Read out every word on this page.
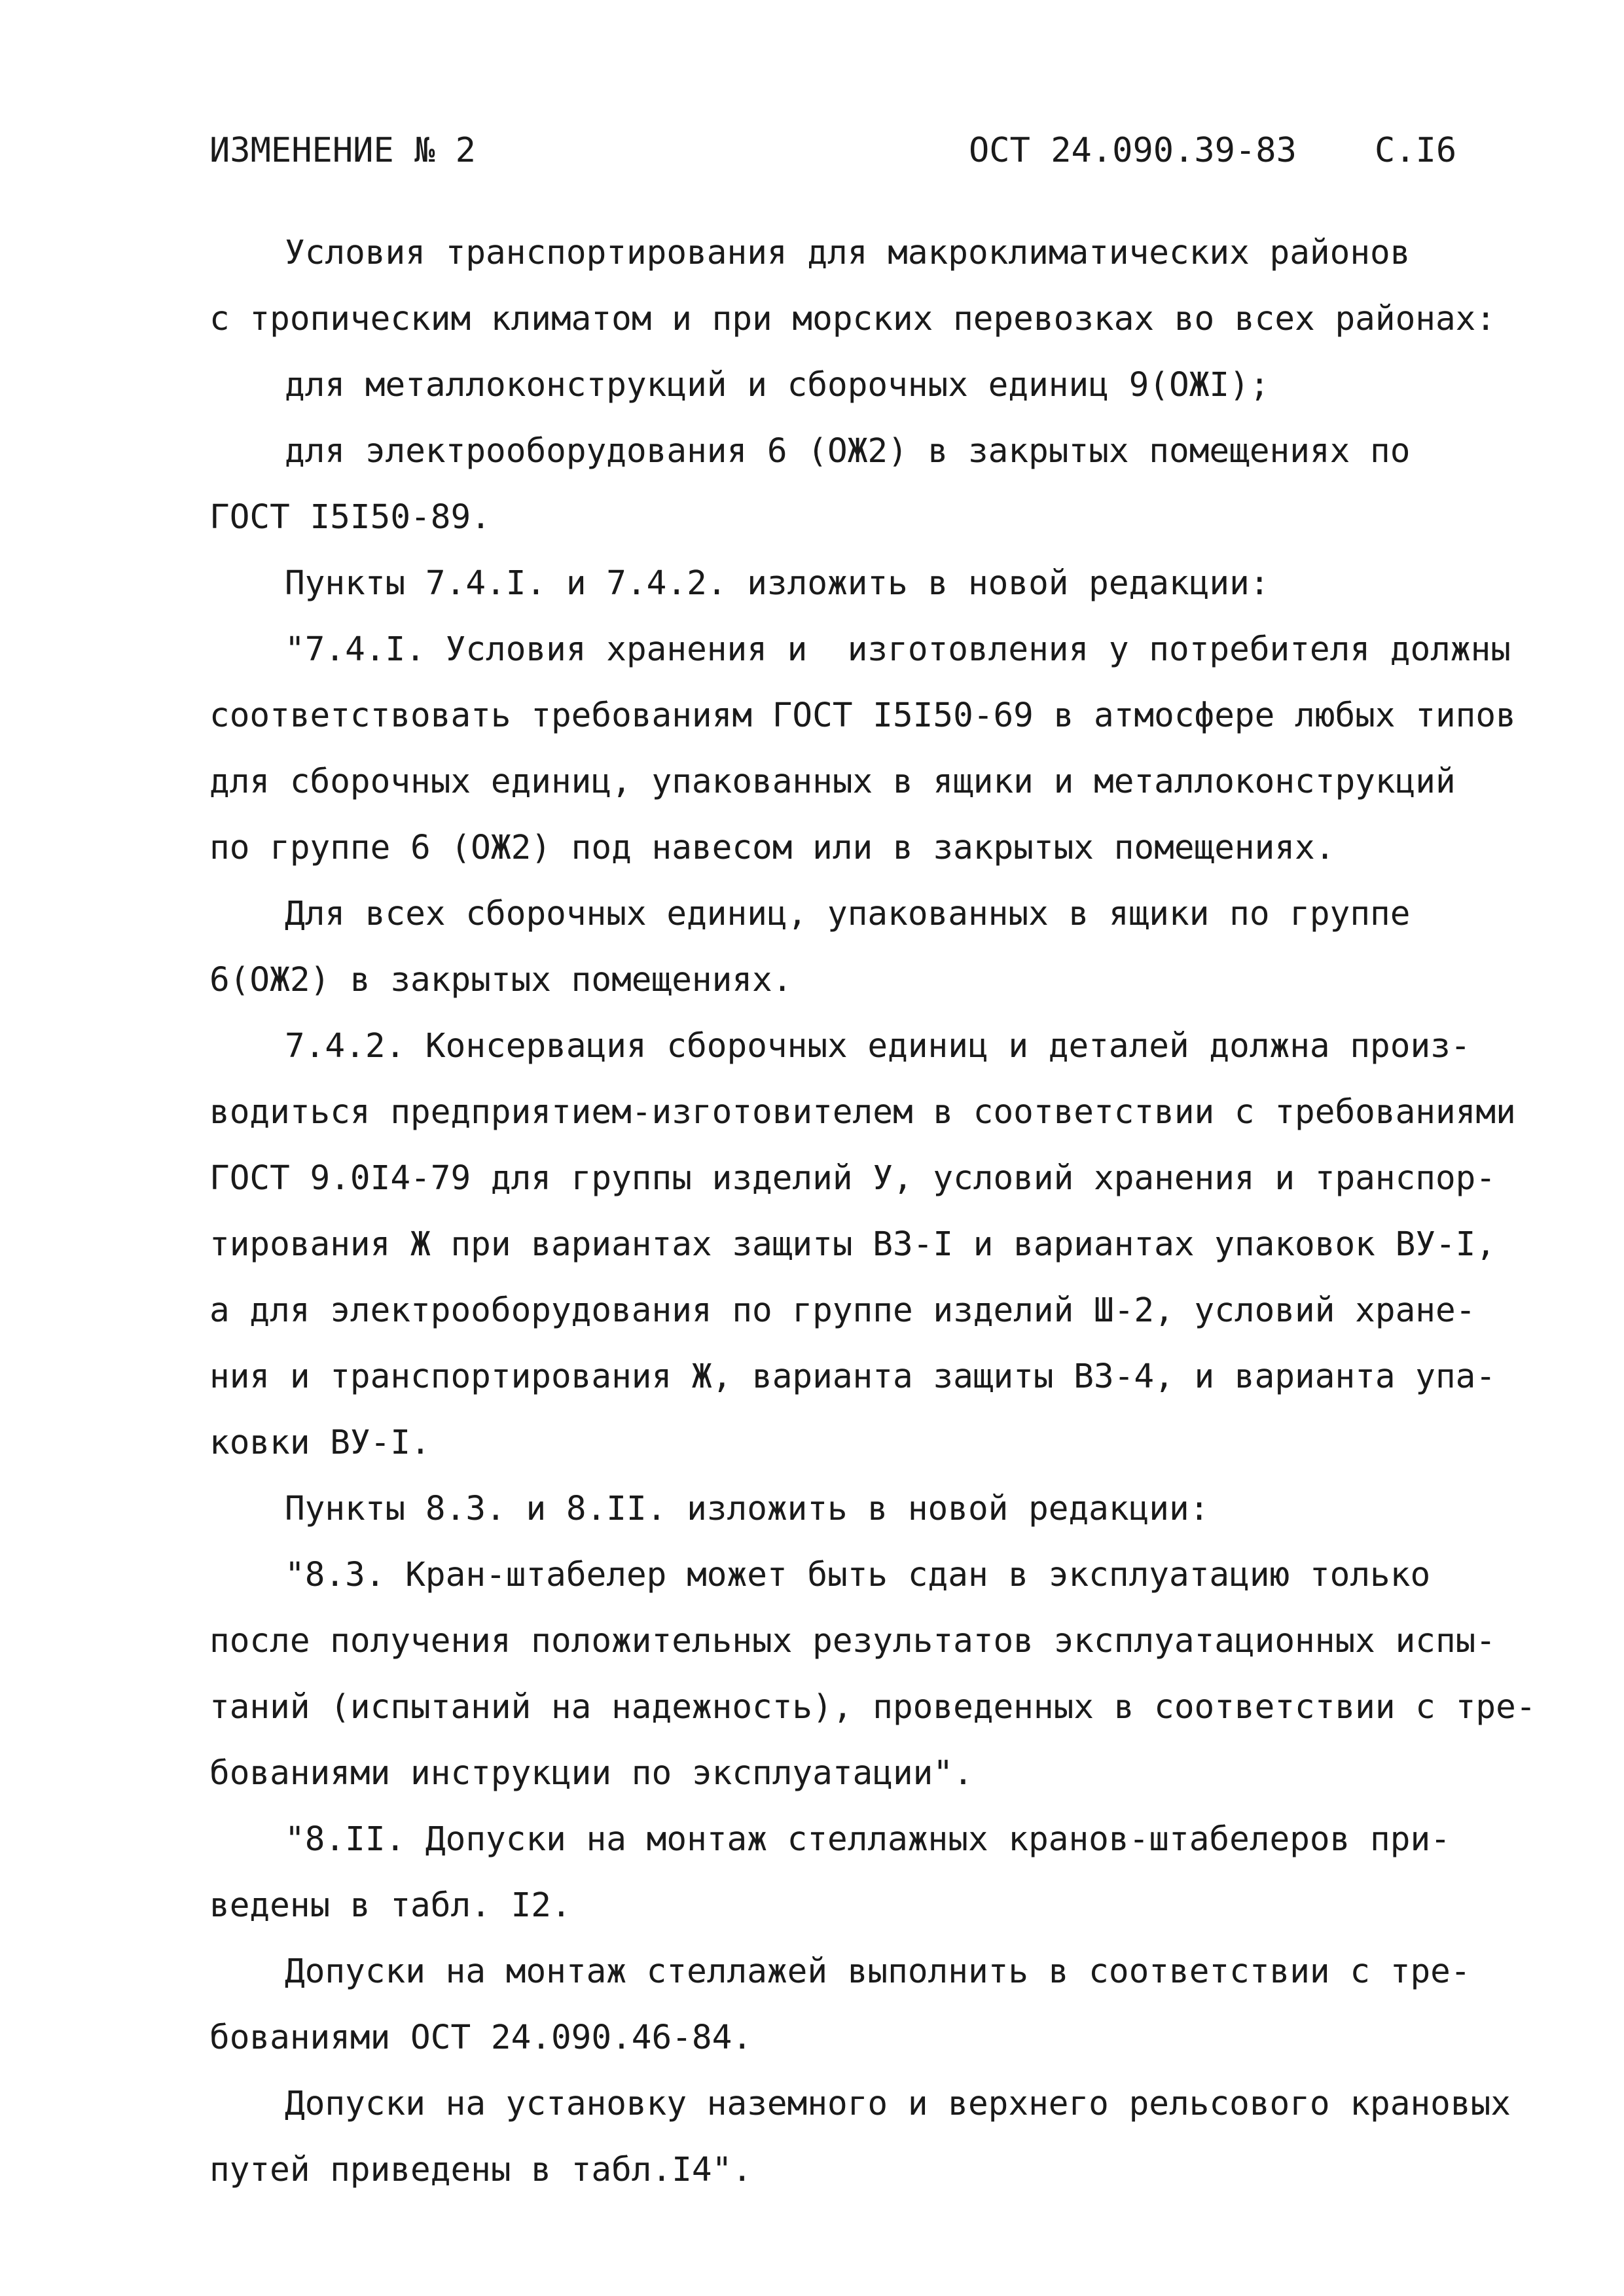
ИЗМЕНЕНИЕ № 2	ОСТ 24.090.39-83 С.I6
Условия транспортирования для макроклиматических районов
с тропическим климатом и при морских перевозках во всех районах:
для металлоконструкций и сборочных единиц 9(ОЖI);
для электрооборудования 6 (ОЖ2) в закрытых помещениях по
ГОСТ I5I50-89.
Пункты 7.4.I. и 7.4.2. изложить в новой редакции:
"7.4.I. Условия хранения и  изготовления у потребителя должны
соответствовать требованиям ГОСТ I5I50-69 в атмосфере любых типов
для сборочных единиц, упакованных в ящики и металлоконструкций
по группе 6 (ОЖ2) под навесом или в закрытых помещениях.
Для всех сборочных единиц, упакованных в ящики по группе
6(ОЖ2) в закрытых помещениях.
7.4.2. Консервация сборочных единиц и деталей должна произ-
водиться предприятием-изготовителем в соответствии с требованиями
ГОСТ 9.0I4-79 для группы изделий У, условий хранения и транспор-
тирования Ж при вариантах защиты ВЗ-I и вариантах упаковок ВУ-I,
а для электрооборудования по группе изделий Ш-2, условий хране-
ния и транспортирования Ж, варианта защиты ВЗ-4, и варианта упа-
ковки ВУ-I.
Пункты 8.3. и 8.II. изложить в новой редакции:
"8.3. Кран-штабелер может быть сдан в эксплуатацию только
после получения положительных результатов эксплуатационных испы-
таний (испытаний на надежность), проведенных в соответствии с тре-
бованиями инструкции по эксплуатации".
"8.II. Допуски на монтаж стеллажных кранов-штабелеров при-
ведены в табл. I2.
Допуски на монтаж стеллажей выполнить в соответствии с тре-
бованиями ОСТ 24.090.46-84.
Допуски на установку наземного и верхнего рельсового крановых
путей приведены в табл.I4".
